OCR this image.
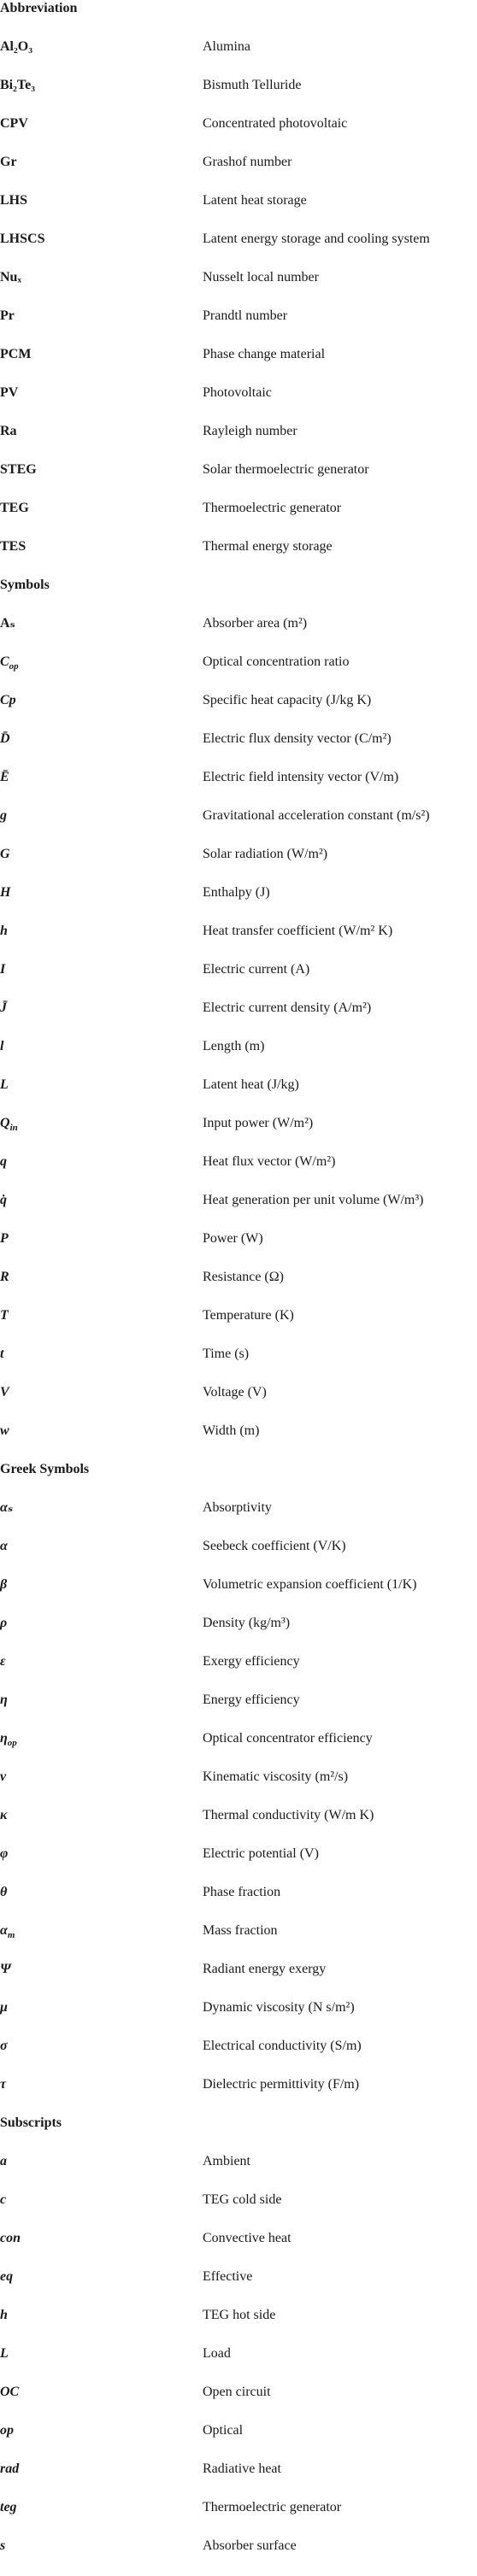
Abbreviation
Al₂O₃	Alumina
Bi₂Te₃	Bismuth Telluride
CPV	Concentrated photovoltaic
Gr	Grashof number
LHS	Latent heat storage
LHSCS	Latent energy storage and cooling system
Nuₓ	Nusselt local number
Pr	Prandtl number
PCM	Phase change material
PV	Photovoltaic
Ra	Rayleigh number
STEG	Solar thermoelectric generator
TEG	Thermoelectric generator
TES	Thermal energy storage
Symbols
Aₛ	Absorber area (m²)
$C_{op}$	Optical concentration ratio
Cp	Specific heat capacity (J/kg K)
D̄	Electric flux density vector (C/m²)
Ē	Electric field intensity vector (V/m)
g	Gravitational acceleration constant (m/s²)
G	Solar radiation (W/m²)
H	Enthalpy (J)
h	Heat transfer coefficient (W/m² K)
I	Electric current (A)
J̄	Electric current density (A/m²)
l	Length (m)
L	Latent heat (J/kg)
$Q_{in}$	Input power (W/m²)
q⃗	Heat flux vector (W/m²)
q̇	Heat generation per unit volume (W/m³)
P	Power (W)
R	Resistance (Ω)
T	Temperature (K)
t	Time (s)
V	Voltage (V)
w	Width (m)
Greek Symbols
αₛ	Absorptivity
α	Seebeck coefficient (V/K)
β	Volumetric expansion coefficient (1/K)
ρ	Density (kg/m³)
ε	Exergy efficiency
η	Energy efficiency
$\eta_{op}$	Optical concentrator efficiency
ν	Kinematic viscosity (m²/s)
κ	Thermal conductivity (W/m K)
φ	Electric potential (V)
θ	Phase fraction
$\alpha_m$	Mass fraction
Ψ	Radiant energy exergy
μ	Dynamic viscosity (N s/m²)
σ	Electrical conductivity (S/m)
τ	Dielectric permittivity (F/m)
Subscripts
a	Ambient
c	TEG cold side
con	Convective heat
eq	Effective
h	TEG hot side
L	Load
OC	Open circuit
op	Optical
rad	Radiative heat
teg	Thermoelectric generator
s	Absorber surface
